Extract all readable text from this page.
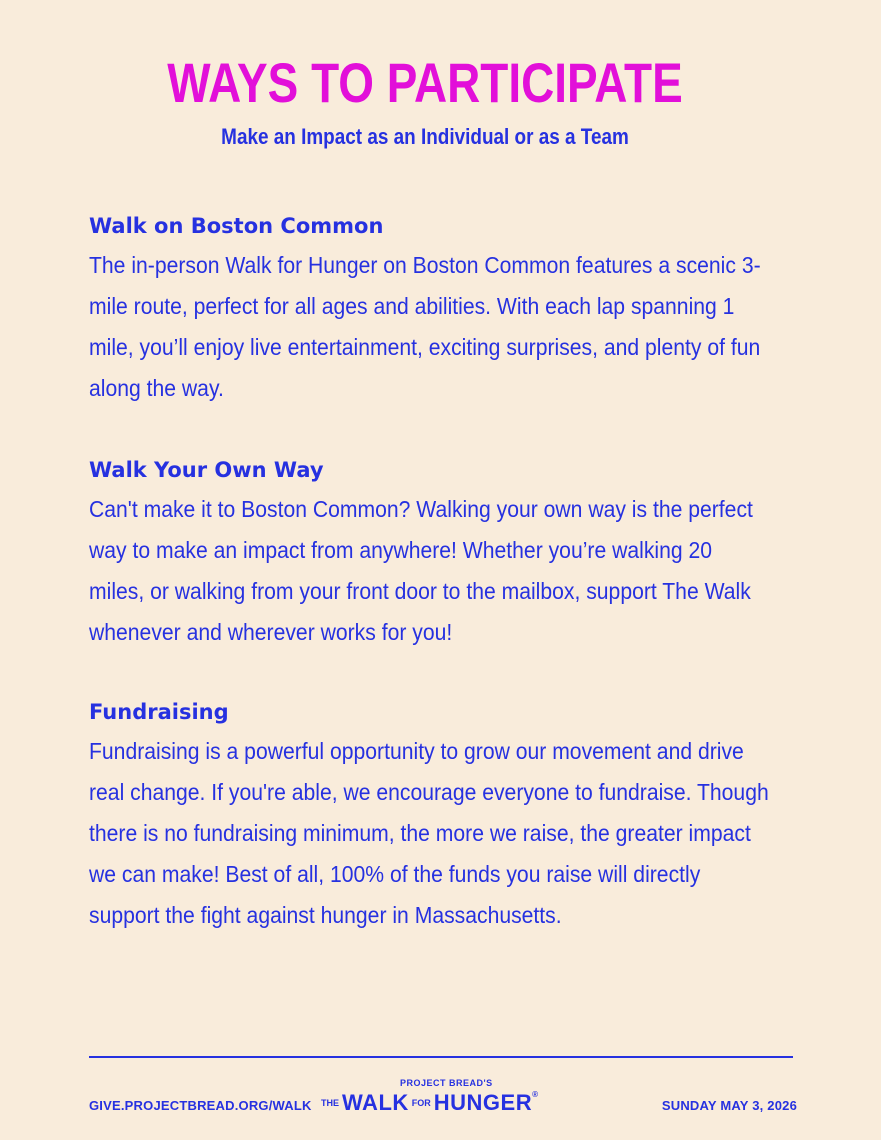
WAYS TO PARTICIPATE
Make an Impact as an Individual or as a Team
Walk on Boston Common

The in-person Walk for Hunger on Boston Common features a scenic 3-mile route, perfect for all ages and abilities. With each lap spanning 1 mile, you’ll enjoy live entertainment, exciting surprises, and plenty of fun along the way.

Walk Your Own Way

Can't make it to Boston Common? Walking your own way is the perfect way to make an impact from anywhere! Whether you’re walking 20 miles, or walking from your front door to the mailbox, support The Walk whenever and wherever works for you!

Fundraising

Fundraising is a powerful opportunity to grow our movement and drive real change. If you're able, we encourage everyone to fundraise. Though there is no fundraising minimum, the more we raise, the greater impact we can make! Best of all, 100% of the funds you raise will directly support the fight against hunger in Massachusetts.

GIVE.PROJECTBREAD.ORG/WALK
PROJECT BREAD'S
THE WALK FOR HUNGER®
SUNDAY MAY 3, 2026
